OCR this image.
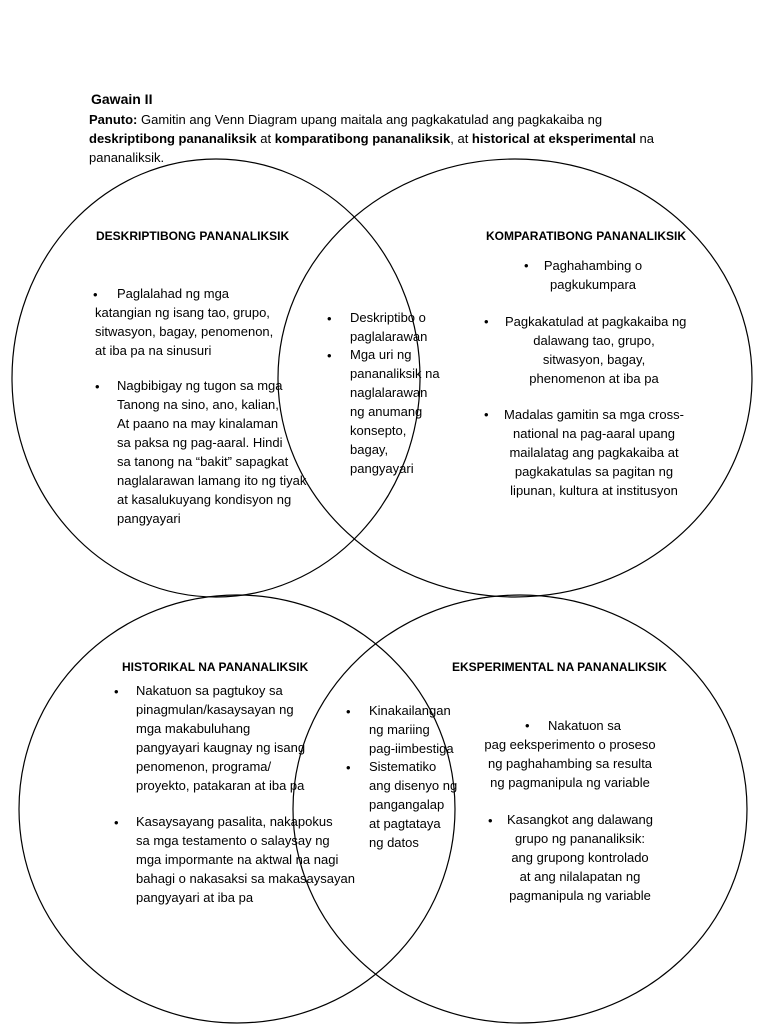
Gawain II
Panuto: Gamitin ang Venn Diagram upang maitala ang pagkakatulad ang pagkakaiba ng deskriptibong pananaliksik at komparatibong pananaliksik, at historical at eksperimental na pananaliksik.
DESKRIPTIBONG PANANALIKSIK
•	Paglalahad ng mga
katangian ng isang tao, grupo,
sitwasyon, bagay, penomenon,
at iba pa na sinusuri
• Nagbibigay ng tugon sa mga
Tanong na sino, ano, kalian,
At paano na may kinalaman
sa paksa ng pag-aaral. Hindi
sa tanong na “bakit” sapagkat
naglalarawan lamang ito ng tiyak
at kasalukuyang kondisyon ng
pangyayari
• Deskriptibo o
paglalarawan
• Mga uri ng
pananaliksik na
naglalarawan
ng anumang
konsepto,
bagay,
pangyayari
KOMPARATIBONG PANANALIKSIK
•	Paghahambing o
pagkukumpara
• Pagkakatulad at pagkakaiba ng
dalawang tao, grupo,
sitwasyon, bagay,
phenomenon at iba pa
•	Madalas gamitin sa mga cross-
national na pag-aaral upang
mailalatag ang pagkakaiba at
pagkakatulas sa pagitan ng
lipunan, kultura at institusyon
HISTORIKAL NA PANANALIKSIK
• Nakatuon sa pagtukoy sa
pinagmulan/kasaysayan ng
mga makabuluhang
pangyayari kaugnay ng isang
penomenon, programa/
proyekto, patakaran at iba pa
• Kasaysayang pasalita, nakapokus
sa mga testamento o salaysay ng
mga impormante na aktwal na nagi
bahagi o nakasaksi sa makasaysayan
pangyayari at iba pa
• Kinakailangan
ng mariing
pag-iimbestiga
• Sistematiko
ang disenyo ng
pangangalap
at pagtataya
ng datos
EKSPERIMENTAL NA PANANALIKSIK
• Nakatuon sa
pag eeksperimento o proseso
ng paghahambing sa resulta
ng pagmanipula ng variable
•	Kasangkot ang dalawang
grupo ng pananaliksik:
ang grupong kontrolado
at ang nilalapatan ng
pagmanipula ng variable
